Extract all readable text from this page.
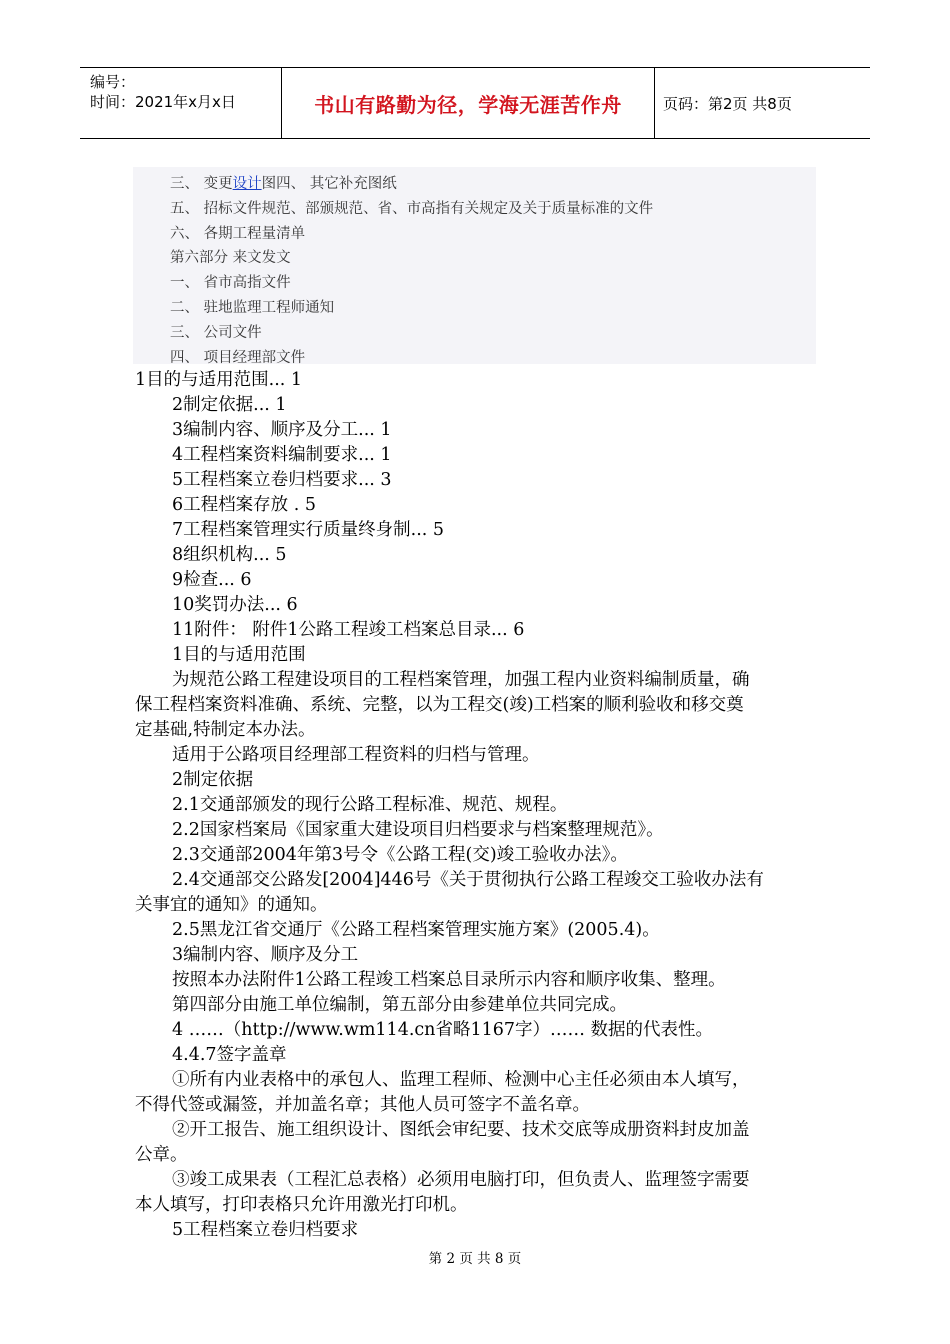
编号：
时间：2021年x月x日	书山有路勤为径，学海无涯苦作舟	页码：第2页 共8页
三、 变更设计图四、 其它补充图纸
五、 招标文件规范、部颁规范、省、市高指有关规定及关于质量标准的文件
六、 各期工程量清单
第六部分 来文发文
一、 省市高指文件
二、 驻地监理工程师通知
三、 公司文件
四、 项目经理部文件
1目的与适用范围... 1
2制定依据... 1
3编制内容、顺序及分工... 1
4工程档案资料编制要求... 1
5工程档案立卷归档要求... 3
6工程档案存放 . 5
7工程档案管理实行质量终身制... 5
8组织机构... 5
9检查... 6
10奖罚办法... 6
11附件： 附件1公路工程竣工档案总目录... 6
1目的与适用范围
为规范公路工程建设项目的工程档案管理，加强工程内业资料编制质量，确
保工程档案资料准确、系统、完整，以为工程交(竣)工档案的顺利验收和移交奠
定基础,特制定本办法。
适用于公路项目经理部工程资料的归档与管理。
2制定依据
2.1交通部颁发的现行公路工程标准、规范、规程。
2.2国家档案局《国家重大建设项目归档要求与档案整理规范》。
2.3交通部2004年第3号令《公路工程(交)竣工验收办法》。
2.4交通部交公路发[2004]446号《关于贯彻执行公路工程竣交工验收办法有
关事宜的通知》的通知。
2.5黑龙江省交通厅《公路工程档案管理实施方案》(2005.4)。
3编制内容、顺序及分工
按照本办法附件1公路工程竣工档案总目录所示内容和顺序收集、整理。
第四部分由施工单位编制，第五部分由参建单位共同完成。
4 ……（http://www.wm114.cn省略1167字）…… 数据的代表性。
4.4.7签字盖章
①所有内业表格中的承包人、监理工程师、检测中心主任必须由本人填写，
不得代签或漏签，并加盖名章；其他人员可签字不盖名章。
②开工报告、施工组织设计、图纸会审纪要、技术交底等成册资料封皮加盖
公章。
③竣工成果表（工程汇总表格）必须用电脑打印，但负责人、监理签字需要
本人填写，打印表格只允许用激光打印机。
5工程档案立卷归档要求
第 2 页 共 8 页
